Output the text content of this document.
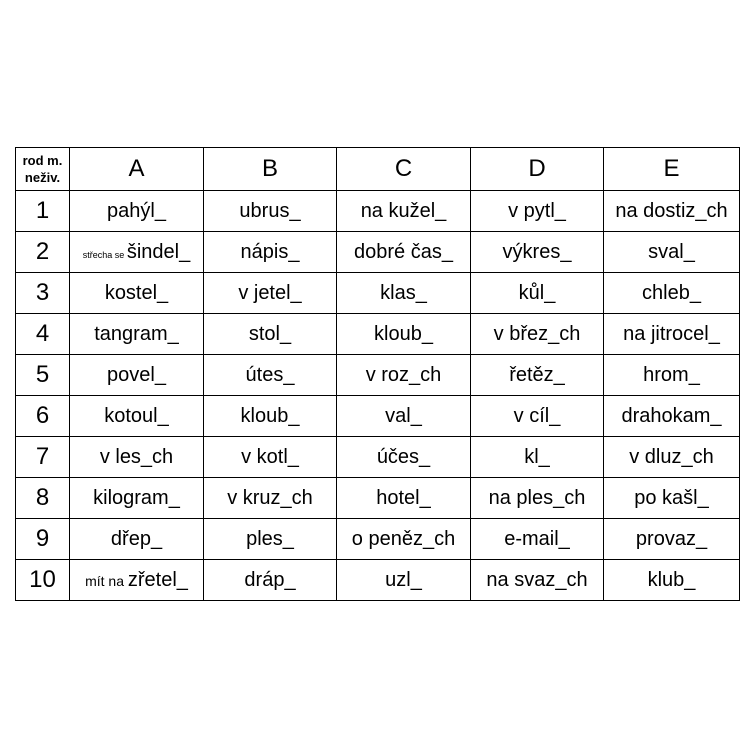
rod m.
neživ.	A	B	C	D	E
1	pahýl_	ubrus_	na kužel_	v pytl_	na dostiz_ch
2	střecha se šindel_	nápis_	dobré čas_	výkres_	sval_
3	kostel_	v jetel_	klas_	kůl_	chleb_
4	tangram_	stol_	kloub_	v břez_ch	na jitrocel_
5	povel_	útes_	v roz_ch	řetěz_	hrom_
6	kotoul_	kloub_	val_	v cíl_	drahokam_
7	v les_ch	v kotl_	účes_	kl_	v dluz_ch
8	kilogram_	v kruz_ch	hotel_	na ples_ch	po kašl_
9	dřep_	ples_	o peněz_ch	e-mail_	provaz_
10	mít na zřetel_	dráp_	uzl_	na svaz_ch	klub_
